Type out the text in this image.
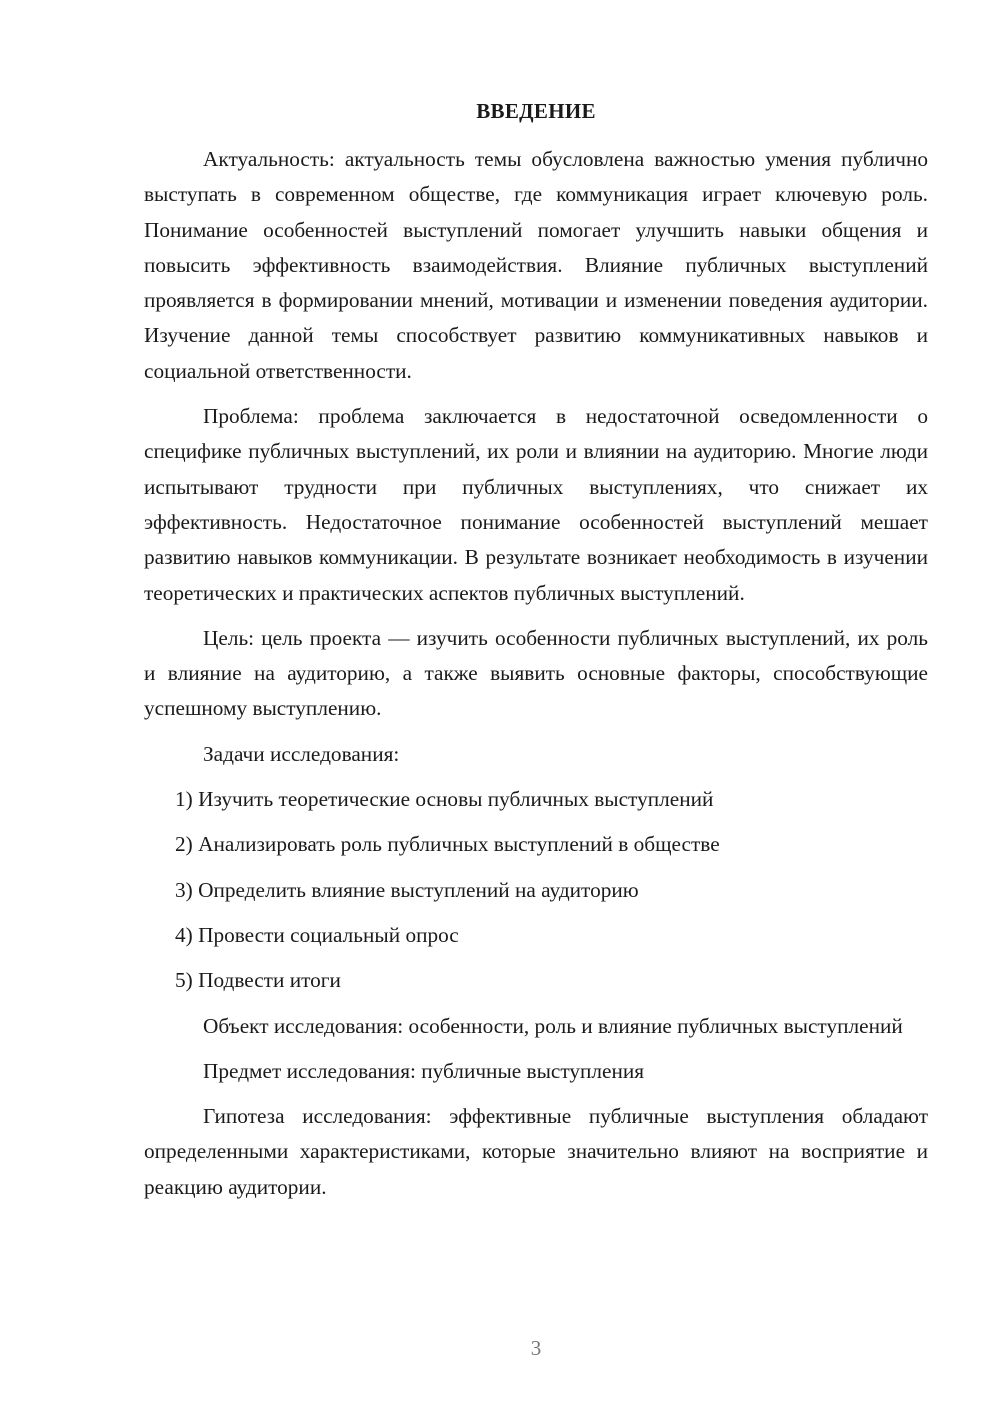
ВВЕДЕНИЕ

Актуальность: актуальность темы обусловлена важностью умения публично выступать в современном обществе, где коммуникация играет ключевую роль. Понимание особенностей выступлений помогает улучшить навыки общения и повысить эффективность взаимодействия. Влияние публичных выступлений проявляется в формировании мнений, мотивации и изменении поведения аудитории. Изучение данной темы способствует развитию коммуникативных навыков и социальной ответственности.

Проблема: проблема заключается в недостаточной осведомленности о специфике публичных выступлений, их роли и влиянии на аудиторию. Многие люди испытывают трудности при публичных выступлениях, что снижает их эффективность. Недостаточное понимание особенностей выступлений мешает развитию навыков коммуникации. В результате возникает необходимость в изучении теоретических и практических аспектов публичных выступлений.

Цель: цель проекта — изучить особенности публичных выступлений, их роль и влияние на аудиторию, а также выявить основные факторы, способствующие успешному выступлению.

Задачи исследования:

1) Изучить теоретические основы публичных выступлений
2) Анализировать роль публичных выступлений в обществе
3) Определить влияние выступлений на аудиторию
4) Провести социальный опрос
5) Подвести итоги

Объект исследования: особенности, роль и влияние публичных выступлений

Предмет исследования: публичные выступления

Гипотеза исследования: эффективные публичные выступления обладают определенными характеристиками, которые значительно влияют на восприятие и реакцию аудитории.

3
